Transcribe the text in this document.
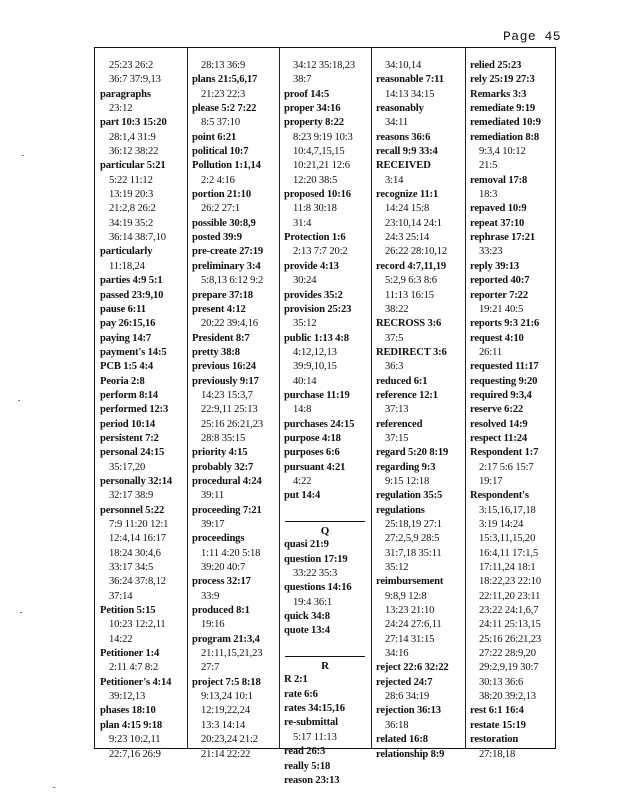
Page 45
25:23 26:2
36:7 37:9,13
paragraphs
23:12
part 10:3 15:20
28:1,4 31:9
36:12 38:22
particular 5:21
5:22 11:12
13:19 20:3
21:2,8 26:2
34:19 35:2
36:14 38:7,10
particularly
11:18,24
parties 4:9 5:1
passed 23:9,10
pause 6:11
pay 26:15,16
paying 14:7
payment's 14:5
PCB 1:5 4:4
Peoria 2:8
perform 8:14
performed 12:3
period 10:14
persistent 7:2
personal 24:15
35:17,20
personally 32:14
32:17 38:9
personnel 5:22
7:9 11:20 12:1
12:4,14 16:17
18:24 30:4,6
33:17 34:5
36:24 37:8,12
37:14
Petition 5:15
10:23 12:2,11
14:22
Petitioner 1:4
2:11 4:7 8:2
Petitioner's 4:14
39:12,13
phases 18:10
plan 4:15 9:18
9:23 10:2,11
22:7,16 26:9
28:13 36:9
plans 21:5,6,17
21:23 22:3
please 5:2 7:22
8:5 37:10
point 6:21
political 10:7
Pollution 1:1,14
2:2 4:16
portion 21:10
26:2 27:1
possible 30:8,9
posted 39:9
pre-create 27:19
preliminary 3:4
5:8,13 6:12 9:2
prepare 37:18
present 4:12
20:22 39:4,16
President 8:7
pretty 38:8
previous 16:24
previously 9:17
14:23 15:3,7
22:9,11 25:13
25:16 26:21,23
28:8 35:15
priority 4:15
probably 32:7
procedural 4:24
39:11
proceeding 7:21
39:17
proceedings
1:11 4:20 5:18
39:20 40:7
process 32:17
33:9
produced 8:1
19:16
program 21:3,4
21:11,15,21,23
27:7
project 7:5 8:18
9:13,24 10:1
12:19,22,24
13:3 14:14
20:23,24 21:2
21:14 22:22
34:12 35:18,23
38:7
proof 14:5
proper 34:16
property 8:22
8:23 9:19 10:3
10:4,7,15,15
10:21,21 12:6
12:20 38:5
proposed 10:16
11:8 30:18
31:4
Protection 1:6
2:13 7:7 20:2
provide 4:13
30:24
provides 35:2
provision 25:23
35:12
public 1:13 4:8
4:12,12,13
39:9,10,15
40:14
purchase 11:19
14:8
purchases 24:15
purpose 4:18
purposes 6:6
pursuant 4:21
4:22
put 14:4
Q
quasi 21:9
question 17:19
33:22 35:3
questions 14:16
19:4 36:1
quick 34:8
quote 13:4
R
R 2:1
rate 6:6
rates 34:15,16
re-submittal
5:17 11:13
read 26:3
really 5:18
reason 23:13
34:10,14
reasonable 7:11
14:13 34:15
reasonably
34:11
reasons 36:6
recall 9:9 33:4
RECEIVED
3:14
recognize 11:1
14:24 15:8
23:10,14 24:1
24:3 25:14
26:22 28:10,12
record 4:7,11,19
5:2,9 6:3 8:6
11:13 16:15
38:22
RECROSS 3:6
37:5
REDIRECT 3:6
36:3
reduced 6:1
reference 12:1
37:13
referenced
37:15
regard 5:20 8:19
regarding 9:3
9:15 12:18
regulation 35:5
regulations
25:18,19 27:1
27:2,5,9 28:5
31:7,18 35:11
35:12
reimbursement
9:8,9 12:8
13:23 21:10
24:24 27:6,11
27:14 31:15
34:16
reject 22:6 32:22
rejected 24:7
28:6 34:19
rejection 36:13
36:18
related 16:8
relationship 8:9
relied 25:23
rely 25:19 27:3
Remarks 3:3
remediate 9:19
remediated 10:9
remediation 8:8
9:3,4 10:12
21:5
removal 17:8
18:3
repaved 10:9
repeat 37:10
rephrase 17:21
33:23
reply 39:13
reported 40:7
reporter 7:22
19:21 40:5
reports 9:3 21:6
request 4:10
26:11
requested 11:17
requesting 9:20
required 9:3,4
reserve 6:22
resolved 14:9
respect 11:24
Respondent 1:7
2:17 5:6 15:7
19:17
Respondent's
3:15,16,17,18
3:19 14:24
15:3,11,15,20
16:4,11 17:1,5
17:11,24 18:1
18:22,23 22:10
22:11,20 23:11
23:22 24:1,6,7
24:11 25:13,15
25:16 26:21,23
27:22 28:9,20
29:2,9,19 30:7
30:13 36:6
38:20 39:2,13
rest 6:1 16:4
restate 15:19
restoration
27:18,18
